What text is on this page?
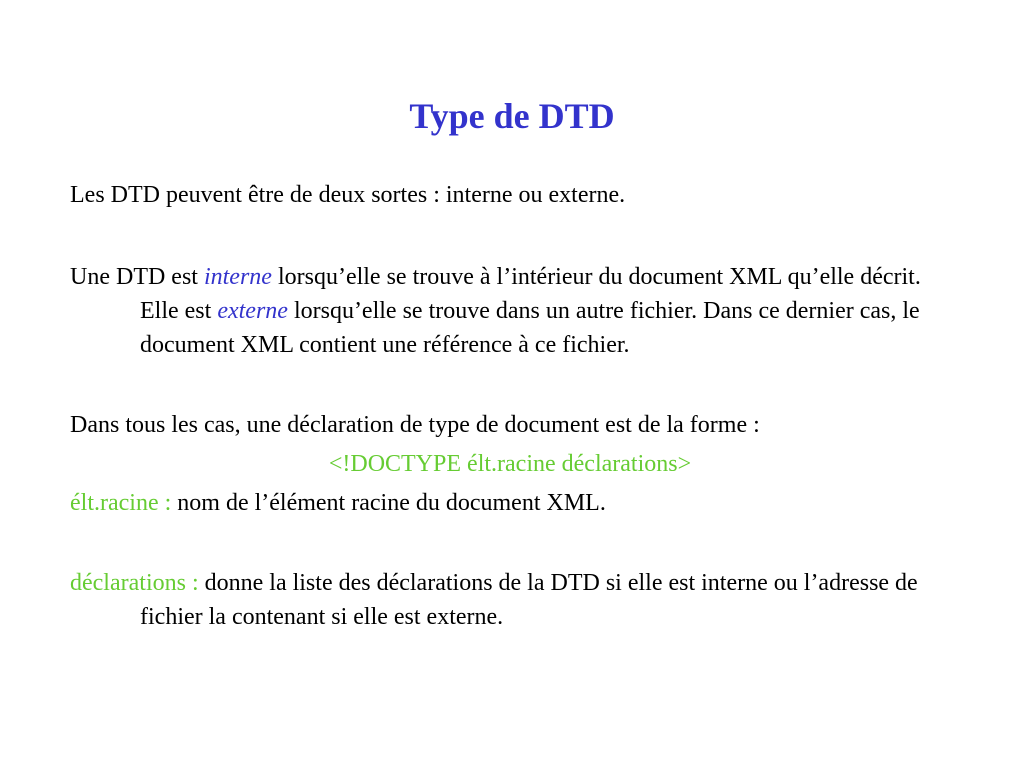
Type de DTD

Les DTD peuvent être de deux sortes : interne ou externe.

Une DTD est interne lorsqu’elle se trouve à l’intérieur du document XML qu’elle décrit. Elle est externe lorsqu’elle se trouve dans un autre fichier. Dans ce dernier cas, le document XML contient une référence à ce fichier.

Dans tous les cas, une déclaration de type de document est de la forme :

<!DOCTYPE élt.racine déclarations>

élt.racine : nom de l’élément racine du document XML.

déclarations : donne la liste des déclarations de la DTD si elle est interne ou l’adresse de fichier la contenant si elle est externe.
